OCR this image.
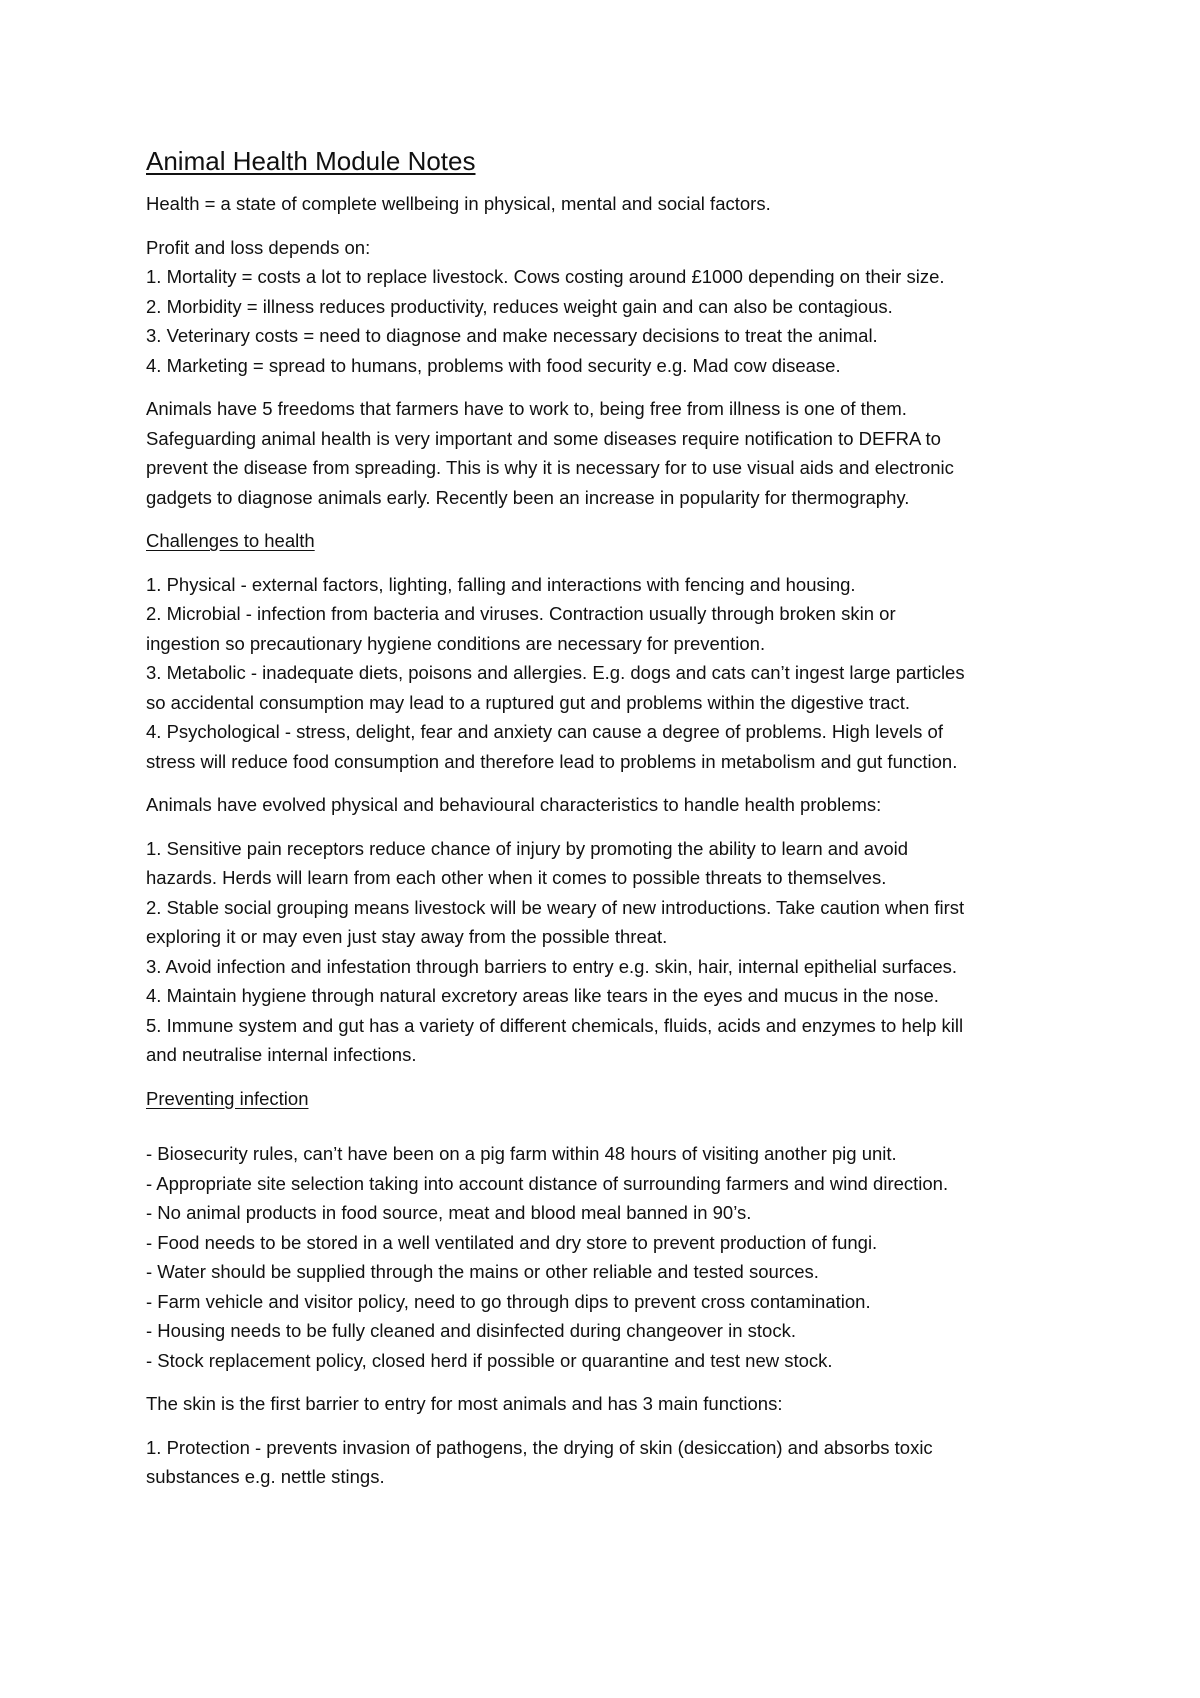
Animal Health Module Notes

Health = a state of complete wellbeing in physical, mental and social factors.

Profit and loss depends on:
1. Mortality = costs a lot to replace livestock. Cows costing around £1000 depending on their size.
2. Morbidity = illness reduces productivity, reduces weight gain and can also be contagious.
3. Veterinary costs = need to diagnose and make necessary decisions to treat the animal.
4. Marketing = spread to humans, problems with food security e.g. Mad cow disease.
Animals have 5 freedoms that farmers have to work to, being free from illness is one of them.
Safeguarding animal health is very important and some diseases require notification to DEFRA to
prevent the disease from spreading. This is why it is necessary for to use visual aids and electronic
gadgets to diagnose animals early. Recently been an increase in popularity for thermography.
Challenges to health
1. Physical - external factors, lighting, falling and interactions with fencing and housing.
2. Microbial - infection from bacteria and viruses. Contraction usually through broken skin or
ingestion so precautionary hygiene conditions are necessary for prevention.
3. Metabolic - inadequate diets, poisons and allergies. E.g. dogs and cats can’t ingest large particles
so accidental consumption may lead to a ruptured gut and problems within the digestive tract.
4. Psychological - stress, delight, fear and anxiety can cause a degree of problems. High levels of
stress will reduce food consumption and therefore lead to problems in metabolism and gut function.

Animals have evolved physical and behavioural characteristics to handle health problems:

1. Sensitive pain receptors reduce chance of injury by promoting the ability to learn and avoid
hazards. Herds will learn from each other when it comes to possible threats to themselves.
2. Stable social grouping means livestock will be weary of new introductions. Take caution when first
exploring it or may even just stay away from the possible threat.
3. Avoid infection and infestation through barriers to entry e.g. skin, hair, internal epithelial surfaces.
4. Maintain hygiene through natural excretory areas like tears in the eyes and mucus in the nose.
5. Immune system and gut has a variety of different chemicals, fluids, acids and enzymes to help kill
and neutralise internal infections.
Preventing infection
- Biosecurity rules, can’t have been on a pig farm within 48 hours of visiting another pig unit.
- Appropriate site selection taking into account distance of surrounding farmers and wind direction.
- No animal products in food source, meat and blood meal banned in 90’s.
- Food needs to be stored in a well ventilated and dry store to prevent production of fungi.
- Water should be supplied through the mains or other reliable and tested sources.
- Farm vehicle and visitor policy, need to go through dips to prevent cross contamination.
- Housing needs to be fully cleaned and disinfected during changeover in stock.
- Stock replacement policy, closed herd if possible or quarantine and test new stock.

The skin is the first barrier to entry for most animals and has 3 main functions:

1. Protection - prevents invasion of pathogens, the drying of skin (desiccation) and absorbs toxic
substances e.g. nettle stings.
